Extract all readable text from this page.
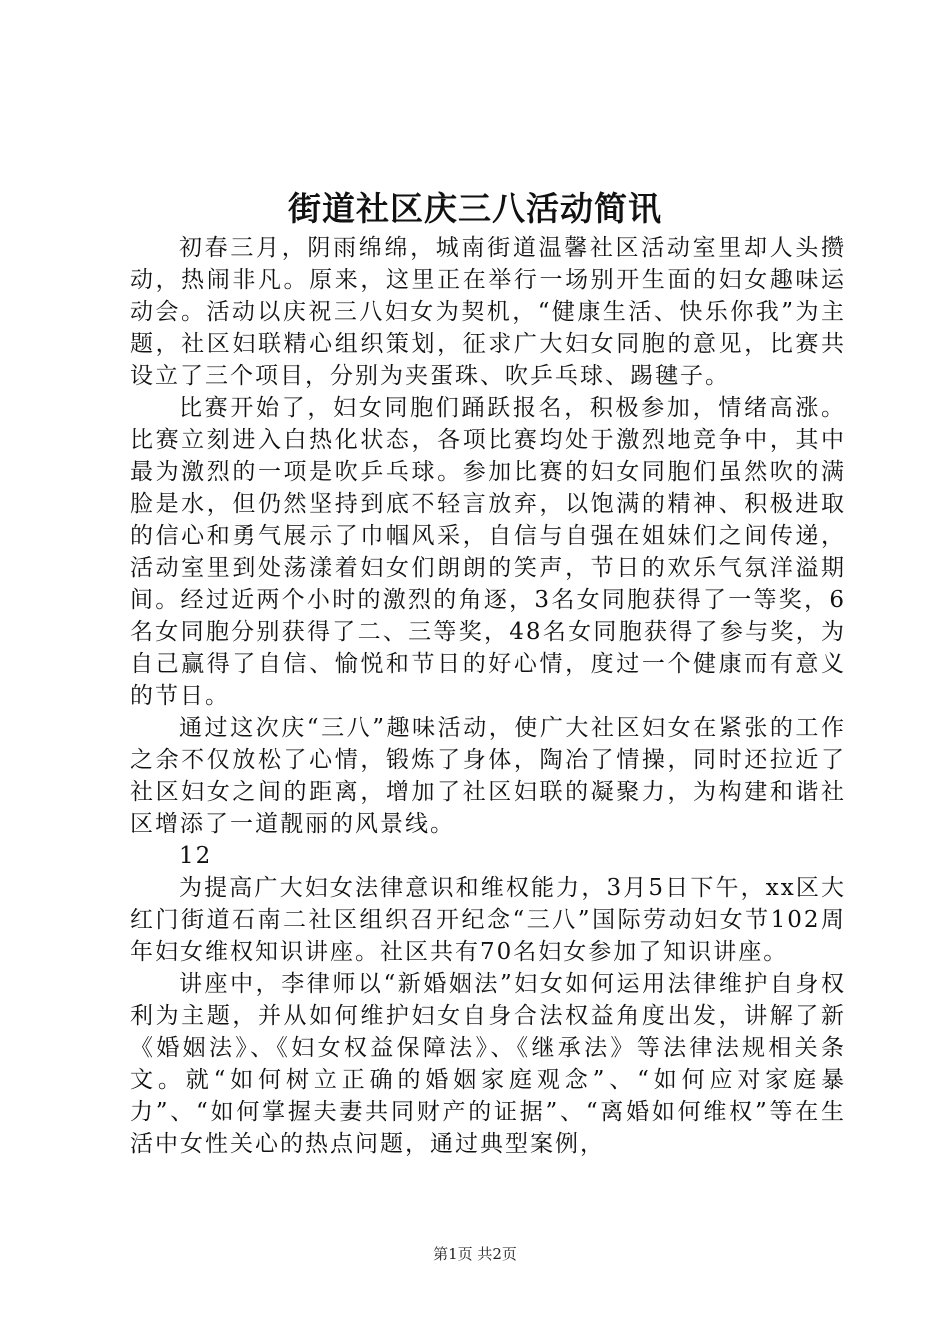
街道社区庆三八活动简讯

初春三月，阴雨绵绵，城南街道温馨社区活动室里却人头攒动，热闹非凡。原来，这里正在举行一场别开生面的妇女趣味运动会。活动以庆祝三八妇女为契机，“健康生活、快乐你我”为主题，社区妇联精心组织策划，征求广大妇女同胞的意见，比赛共设立了三个项目，分别为夹蛋珠、吹乒乓球、踢毽子。

比赛开始了，妇女同胞们踊跃报名，积极参加，情绪高涨。比赛立刻进入白热化状态，各项比赛均处于激烈地竞争中，其中最为激烈的一项是吹乒乓球。参加比赛的妇女同胞们虽然吹的满脸是水，但仍然坚持到底不轻言放弃，以饱满的精神、积极进取的信心和勇气展示了巾帼风采，自信与自强在姐妹们之间传递，活动室里到处荡漾着妇女们朗朗的笑声，节日的欢乐气氛洋溢期间。经过近两个小时的激烈的角逐，3名女同胞获得了一等奖，6名女同胞分别获得了二、三等奖，48名女同胞获得了参与奖，为自己赢得了自信、愉悦和节日的好心情，度过一个健康而有意义的节日。

通过这次庆“三八”趣味活动，使广大社区妇女在紧张的工作之余不仅放松了心情，锻炼了身体，陶冶了情操，同时还拉近了社区妇女之间的距离，增加了社区妇联的凝聚力，为构建和谐社区增添了一道靓丽的风景线。

12

为提高广大妇女法律意识和维权能力，3月5日下午，xx区大红门街道石南二社区组织召开纪念“三八”国际劳动妇女节102周年妇女维权知识讲座。社区共有70名妇女参加了知识讲座。

讲座中，李律师以“新婚姻法”妇女如何运用法律维护自身权利为主题，并从如何维护妇女自身合法权益角度出发，讲解了新《婚姻法》、《妇女权益保障法》、《继承法》等法律法规相关条文。就“如何树立正确的婚姻家庭观念”、“如何应对家庭暴力”、“如何掌握夫妻共同财产的证据”、“离婚如何维权”等在生活中女性关心的热点问题，通过典型案例，

第1页 共2页
